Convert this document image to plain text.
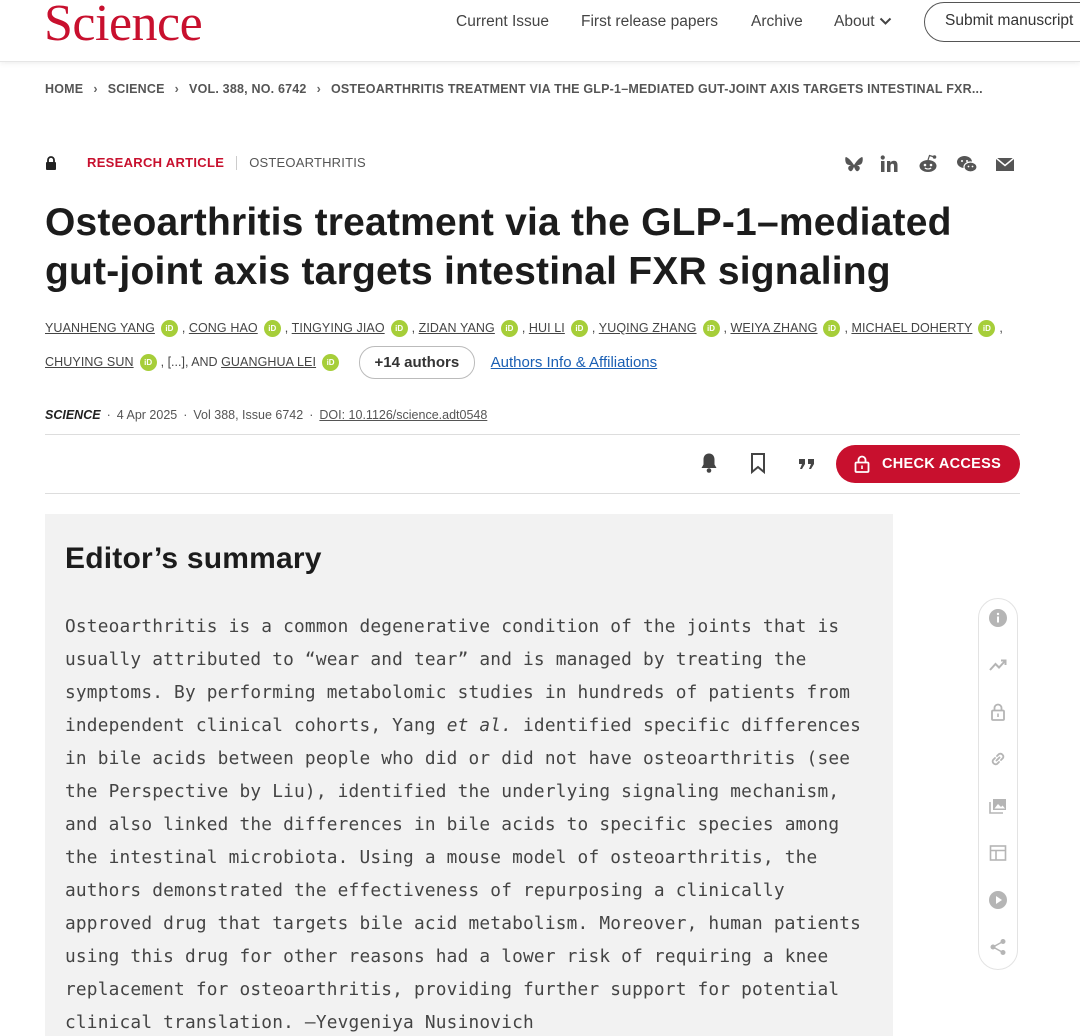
Science	Current Issue First release papers Archive About	Submit manuscript
HOME › SCIENCE › VOL. 388, NO. 6742 › OSTEOARTHRITIS TREATMENT VIA THE GLP-1–MEDIATED GUT-JOINT AXIS TARGETS INTESTINAL FXR...
RESEARCH ARTICLE OSTEOARTHRITIS
Osteoarthritis treatment via the GLP-1–mediated gut-joint axis targets intestinal FXR signaling
YUANHENG YANG iD , CONG HAO iD , TINGYING JIAO iD , ZIDAN YANG iD , HUI LI iD , YUQING ZHANG iD , WEIYA ZHANG iD , MICHAEL DOHERTY iD ,
CHUYING SUN iD , [...], AND GUANGHUA LEI iD	+14 authors Authors Info & Affiliations
SCIENCE · 4 Apr 2025 · Vol 388, Issue 6742 · DOI: 10.1126/science.adt0548
CHECK ACCESS
Editor’s summary
Osteoarthritis is a common degenerative condition of the joints that is usually attributed to “wear and tear” and is managed by treating the symptoms. By performing metabolomic studies in hundreds of patients from independent clinical cohorts, Yang et al. identified specific differences in bile acids between people who did or did not have osteoarthritis (see the Perspective by Liu), identified the underlying signaling mechanism, and also linked the differences in bile acids to specific species among the intestinal microbiota. Using a mouse model of osteoarthritis, the authors demonstrated the effectiveness of repurposing a clinically approved drug that targets bile acid metabolism. Moreover, human patients using this drug for other reasons had a lower risk of requiring a knee replacement for osteoarthritis, providing further support for potential clinical translation. —Yevgeniya Nusinovich
